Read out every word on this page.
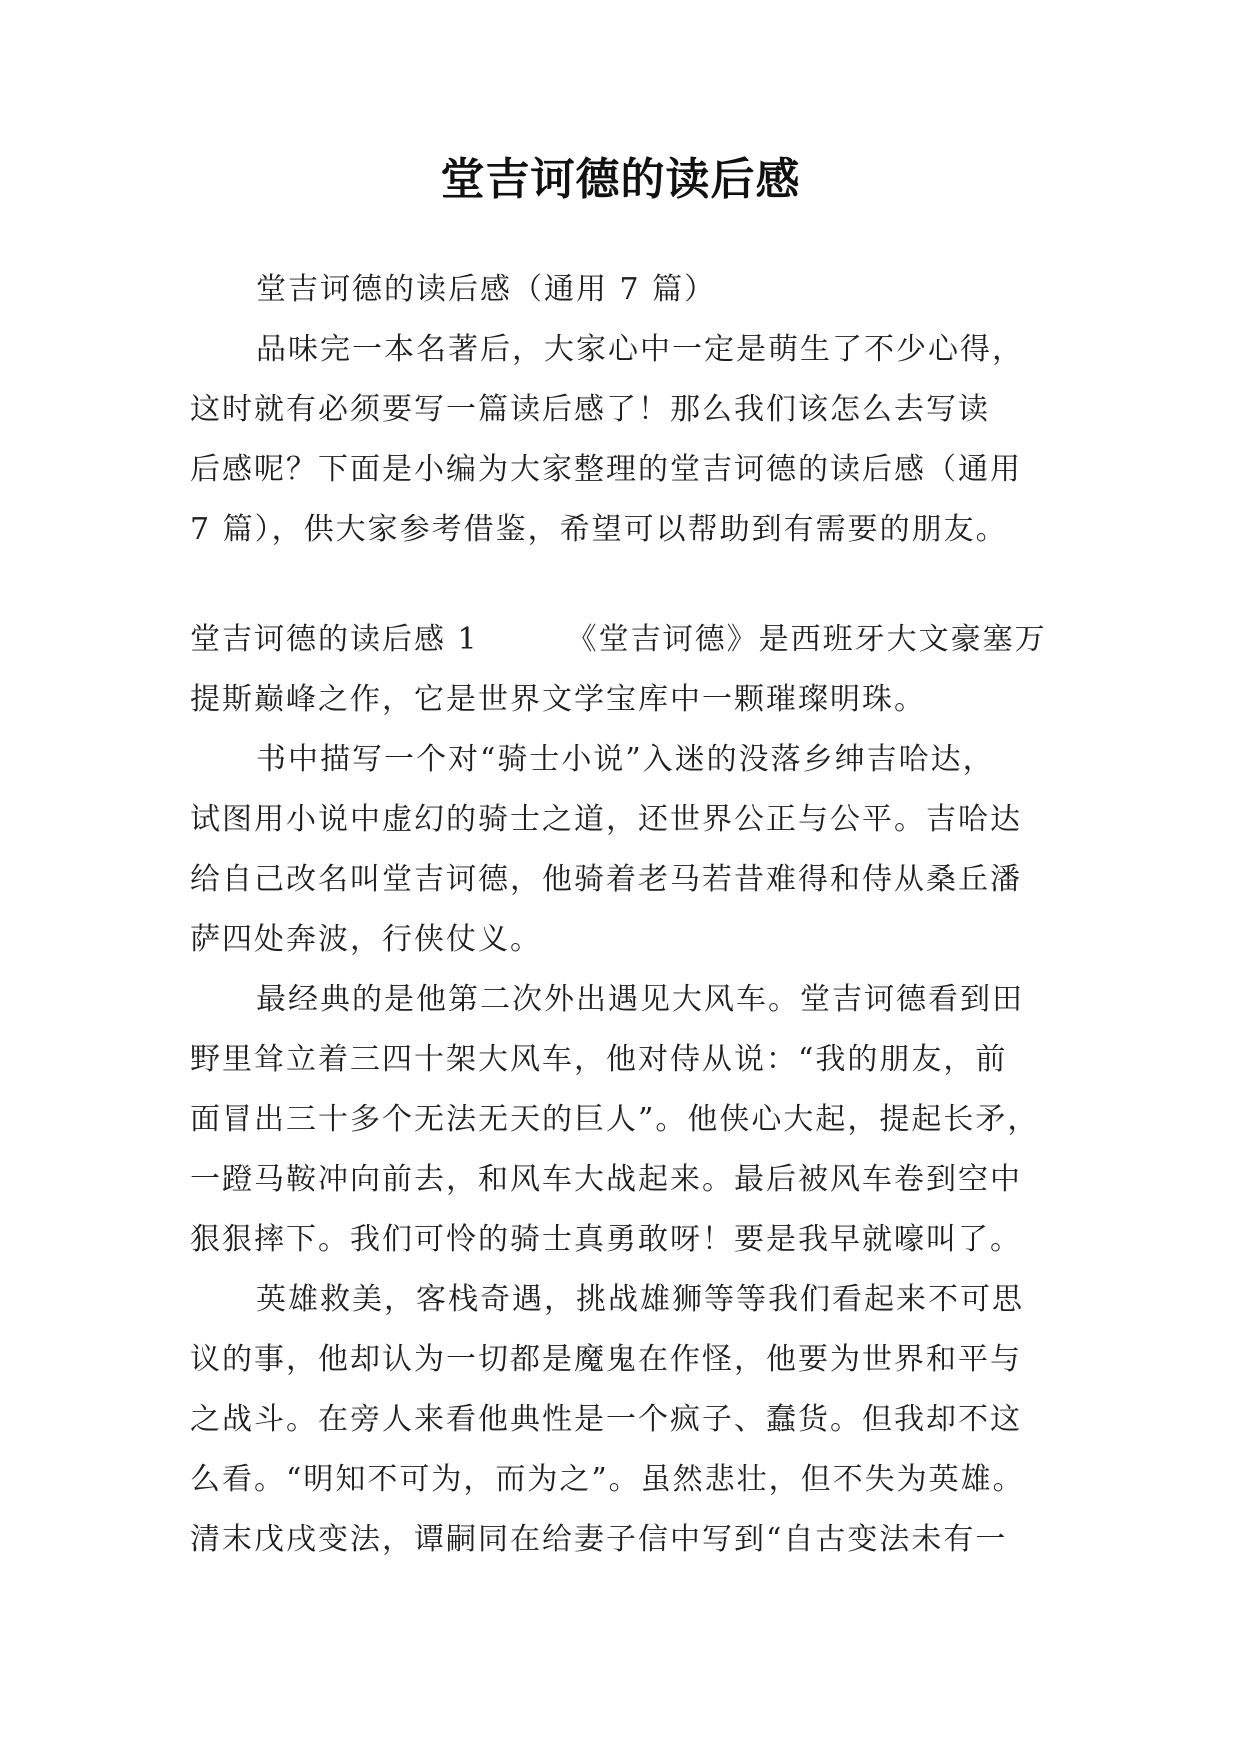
堂吉诃德的读后感
堂吉诃德的读后感（通用 7 篇）
品味完一本名著后，大家心中一定是萌生了不少心得，
这时就有必须要写一篇读后感了！那么我们该怎么去写读
后感呢？下面是小编为大家整理的堂吉诃德的读后感（通用
7 篇），供大家参考借鉴，希望可以帮助到有需要的朋友。
堂吉诃德的读后感 1	《堂吉诃德》是西班牙大文豪塞万
提斯巅峰之作，它是世界文学宝库中一颗璀璨明珠。
书中描写一个对“骑士小说”入迷的没落乡绅吉哈达，
试图用小说中虚幻的骑士之道，还世界公正与公平。吉哈达
给自己改名叫堂吉诃德，他骑着老马若昔难得和侍从桑丘潘
萨四处奔波，行侠仗义。
最经典的是他第二次外出遇见大风车。堂吉诃德看到田
野里耸立着三四十架大风车，他对侍从说：“我的朋友，前
面冒出三十多个无法无天的巨人”。他侠心大起，提起长矛，
一蹬马鞍冲向前去，和风车大战起来。最后被风车卷到空中
狠狠摔下。我们可怜的骑士真勇敢呀！要是我早就嚎叫了。
英雄救美，客栈奇遇，挑战雄狮等等我们看起来不可思
议的事，他却认为一切都是魔鬼在作怪，他要为世界和平与
之战斗。在旁人来看他典性是一个疯子、蠢货。但我却不这
么看。“明知不可为，而为之”。虽然悲壮，但不失为英雄。
清末戊戌变法，谭嗣同在给妻子信中写到“自古变法未有一
